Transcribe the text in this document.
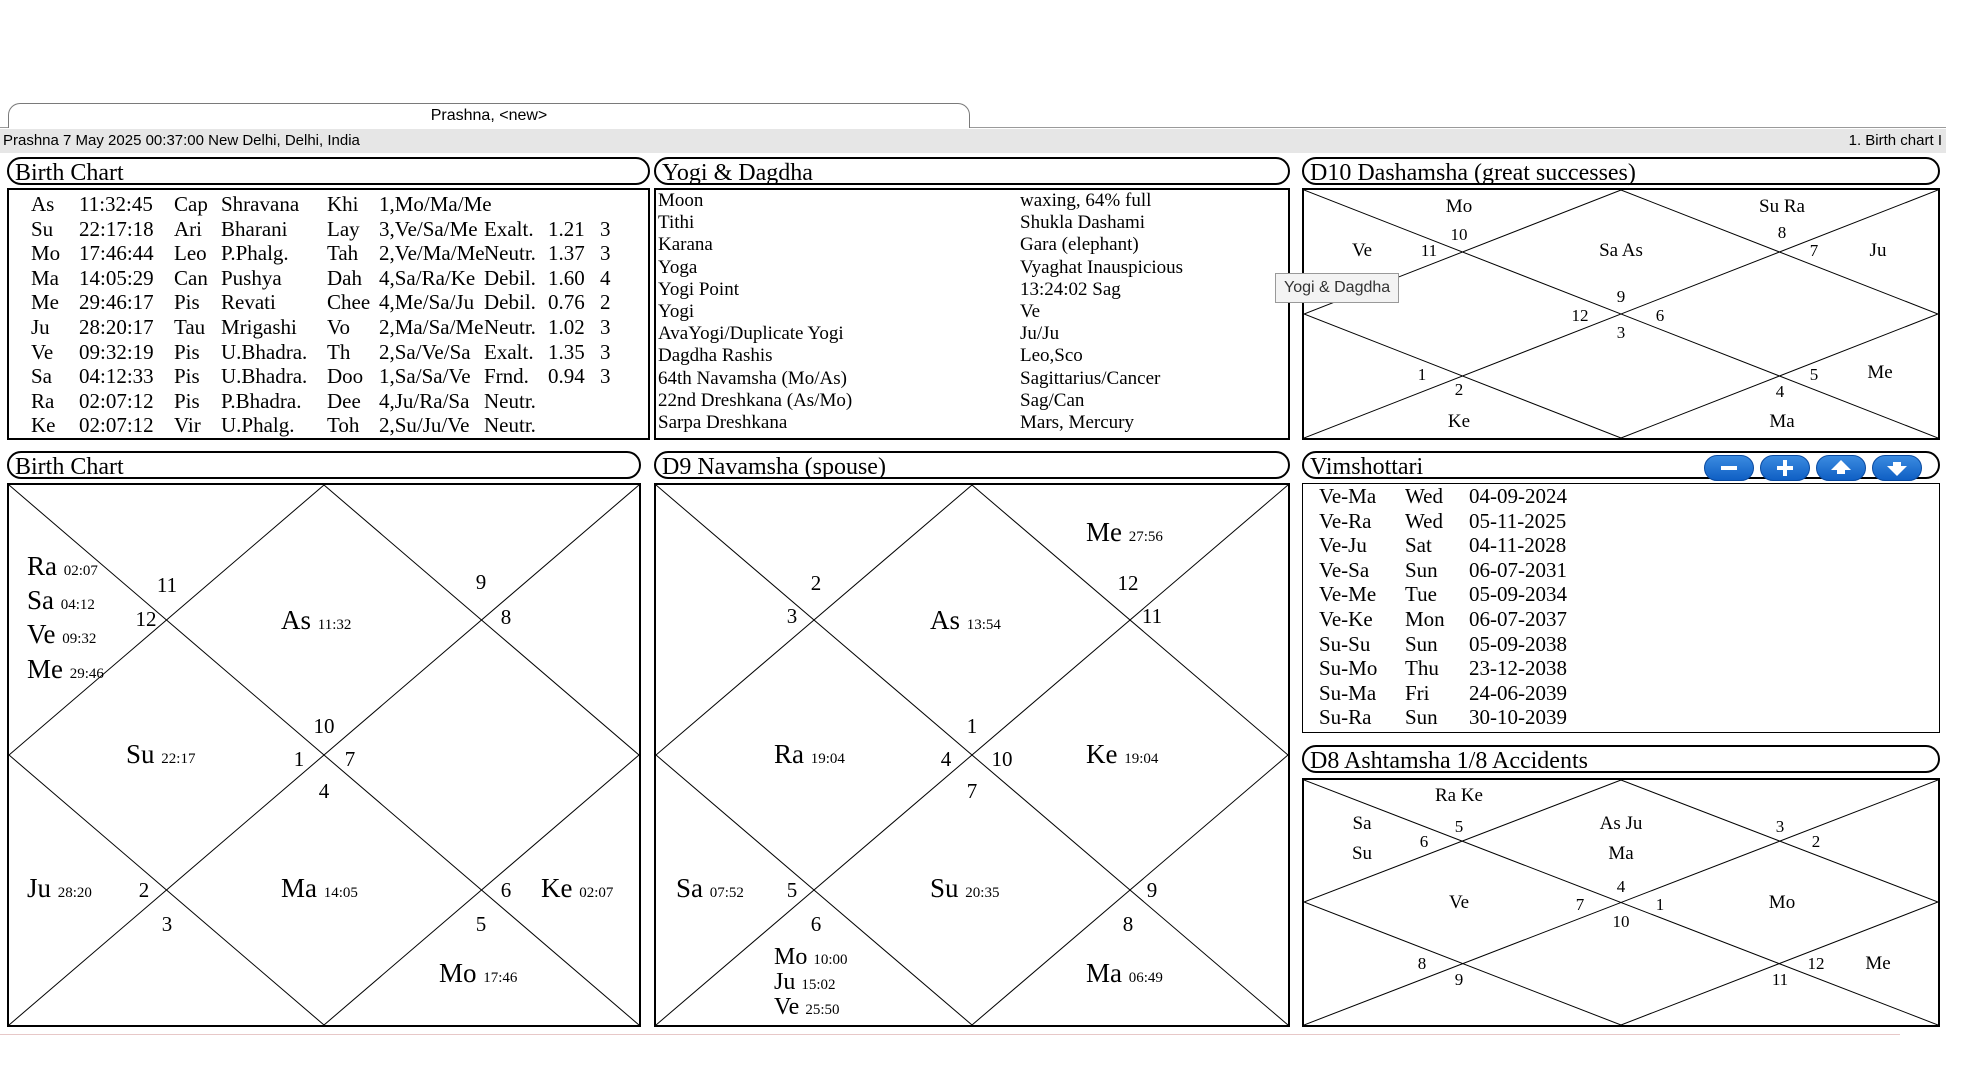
Prashna, <new>
Prashna 7 May 2025 00:37:00 New Delhi, Delhi, India	1. Birth chart I
Birth Chart
As 11:32:45 Cap Shravana Khi 1,Mo/Ma/Me
Su 22:17:18 Ari Bharani Lay 3,Ve/Sa/Me Exalt. 1.21 3
Mo 17:46:44 Leo P.Phalg. Tah 2,Ve/Ma/Me Neutr. 1.37 3
Ma 14:05:29 Can Pushya Dah 4,Sa/Ra/Ke Debil. 1.60 4
Me 29:46:17 Pis Revati Chee 4,Me/Sa/Ju Debil. 0.76 2
Ju 28:20:17 Tau Mrigashi Vo 2,Ma/Sa/Me Neutr. 1.02 3
Ve 09:32:19 Pis U.Bhadra. Th 2,Sa/Ve/Sa Exalt. 1.35 3
Sa 04:12:33 Pis U.Bhadra. Doo 1,Sa/Sa/Ve Frnd. 0.94 3
Ra 02:07:12 Pis P.Bhadra. Dee 4,Ju/Ra/Sa Neutr.
Ke 02:07:12 Vir U.Phalg. Toh 2,Su/Ju/Ve Neutr.
Yogi & Dagdha
Moon	waxing, 64% full
Tithi	Shukla Dashami
Karana	Gara (elephant)
Yoga	Vyaghat Inauspicious
Yogi Point	13:24:02 Sag
Yogi	Ve
AvaYogi/Duplicate Yogi	Ju/Ju
Dagdha Rashis	Leo,Sco
64th Navamsha (Mo/As)	Sagittarius/Cancer
22nd Dreshkana (As/Mo)	Sag/Can
Sarpa Dreshkana	Mars, Mercury
D10 Dashamsha (great successes)
10
11
8
7
9
12	6
3
1
2	4
5
Mo
Ve
Su Ra
Ju
Sa As
Me
Ke	Ma
Yogi & Dagdha
Birth Chart
11
12
9
8
10
1 7
4
2
3
6
5
Ra 02:07
Sa 04:12
Ve 09:32
Me 29:46
As 11:32
Su 22:17
Ju 28:20	Ma 14:05	Ke 02:07
Mo 17:46
D9 Navamsha (spouse)
2
3
12
11
1
4 10
7
5
6
9
8
Me 27:56
As 13:54
Ra 19:04	Ke 19:04
Sa 07:52	Su 20:35
Mo 10:00
Ju 15:02
Ve 25:50
Ma 06:49
Vimshottari
Ve-Ma Wed 04-09-2024
Ve-Ra Wed 05-11-2025
Ve-Ju Sat 04-11-2028
Ve-Sa Sun 06-07-2031
Ve-Me Tue 05-09-2034
Ve-Ke Mon 06-07-2037
Su-Su Sun 05-09-2038
Su-Mo Thu 23-12-2038
Su-Ma Fri 24-06-2039
Su-Ra Sun 30-10-2039
D8 Ashtamsha 1/8 Accidents
5
6
3
2
4
7	1
10
8
9
12
11
Ra Ke
Sa
Su
As Ju
Ma
Ve	Mo
Me
